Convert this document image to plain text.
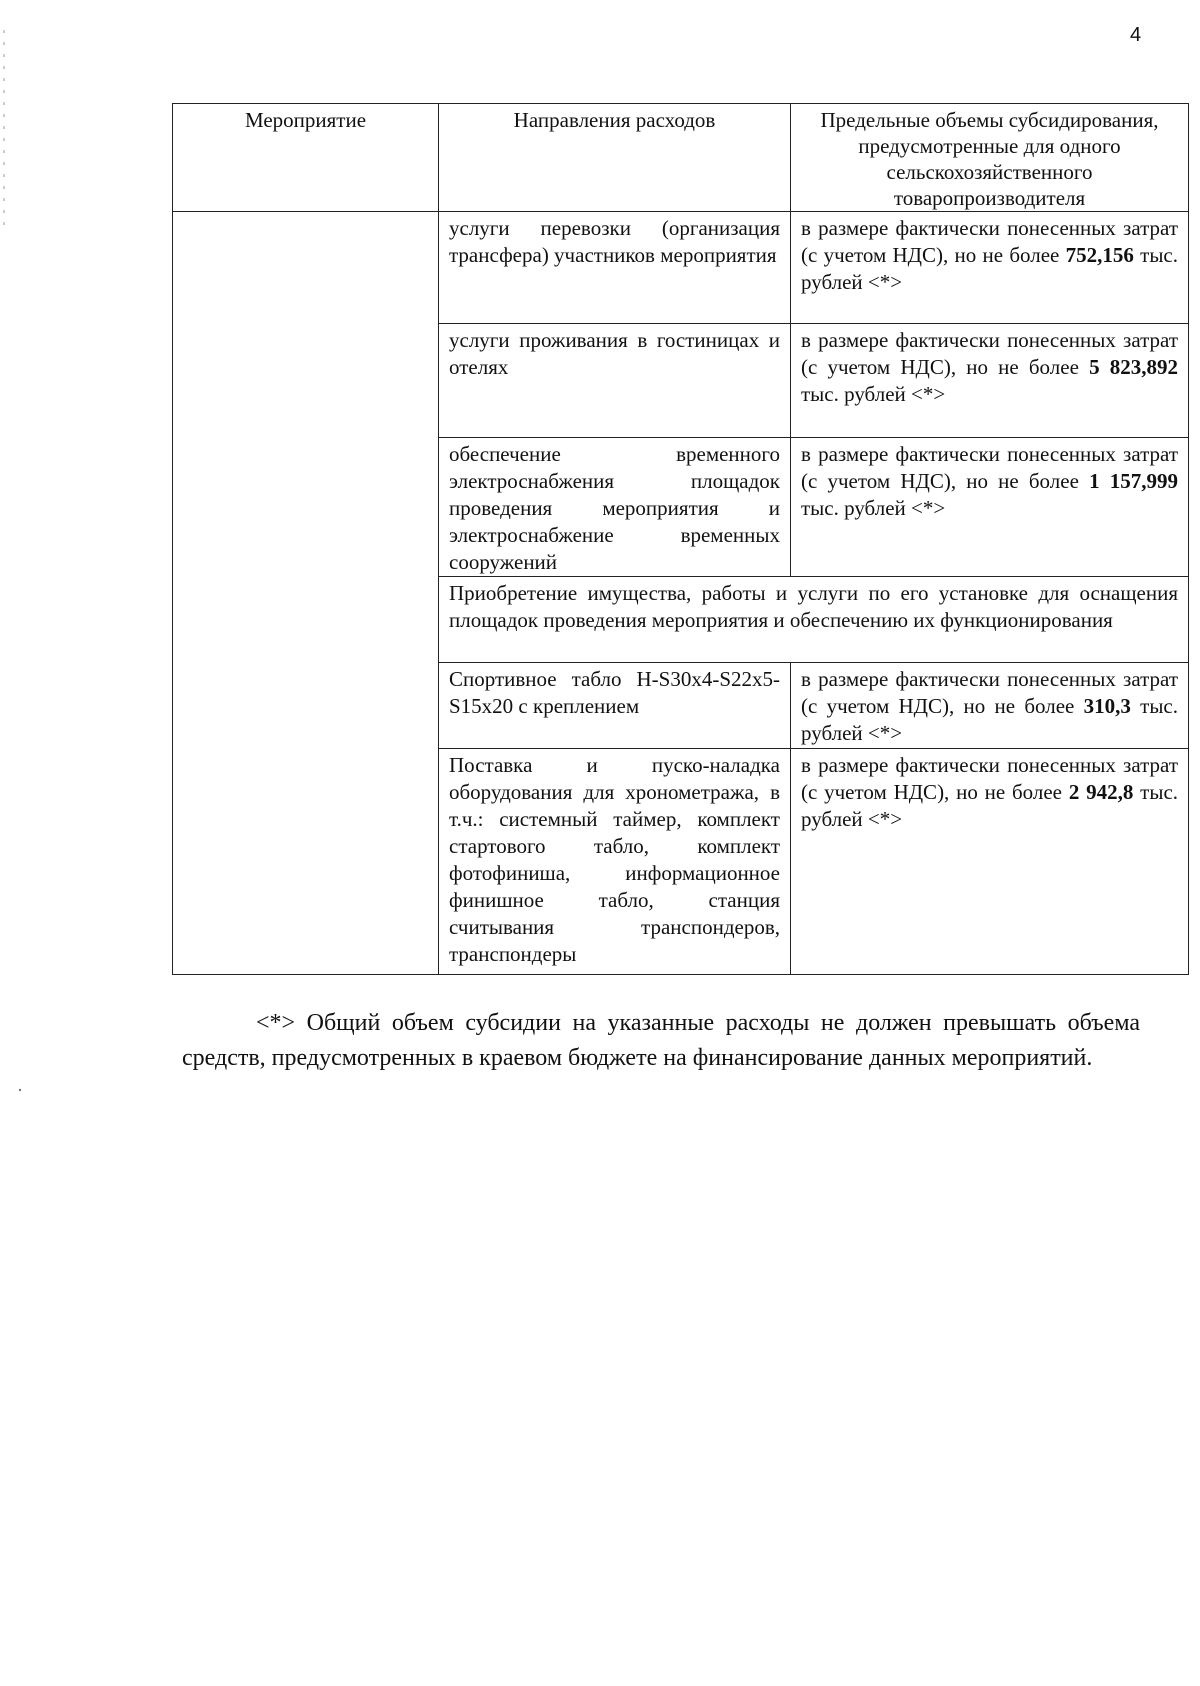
4
Мероприятие	Направления расходов	Предельные объемы субсидирования, предусмотренные для одного сельскохозяйственного товаропроизводителя
	услуги перевозки (организация трансфера) участников мероприятия	в размере фактически понесенных затрат (с учетом НДС), но не более 752,156 тыс. рублей <*>
	услуги проживания в гостиницах и отелях	в размере фактически понесенных затрат (с учетом НДС), но не более 5 823,892 тыс. рублей <*>
	обеспечение временного электроснабжения площадок проведения мероприятия и электроснабжение временных сооружений	в размере фактически понесенных затрат (с учетом НДС), но не более 1 157,999 тыс. рублей <*>
	Приобретение имущества, работы и услуги по его установке для оснащения площадок проведения мероприятия и обеспечению их функционирования	
	Спортивное табло H-S30x4-S22x5-S15x20 с креплением	в размере фактически понесенных затрат (с учетом НДС), но не более 310,3 тыс. рублей <*>
	Поставка и пуско-наладка оборудования для хронометража, в т.ч.: системный таймер, комплект стартового табло, комплект фотофиниша, информационное финишное табло, станция считывания транспондеров, транспондеры	в размере фактически понесенных затрат (с учетом НДС), но не более 2 942,8 тыс. рублей <*>

<*> Общий объем субсидии на указанные расходы не должен превышать объема средств, предусмотренных в краевом бюджете на финансирование данных мероприятий.
